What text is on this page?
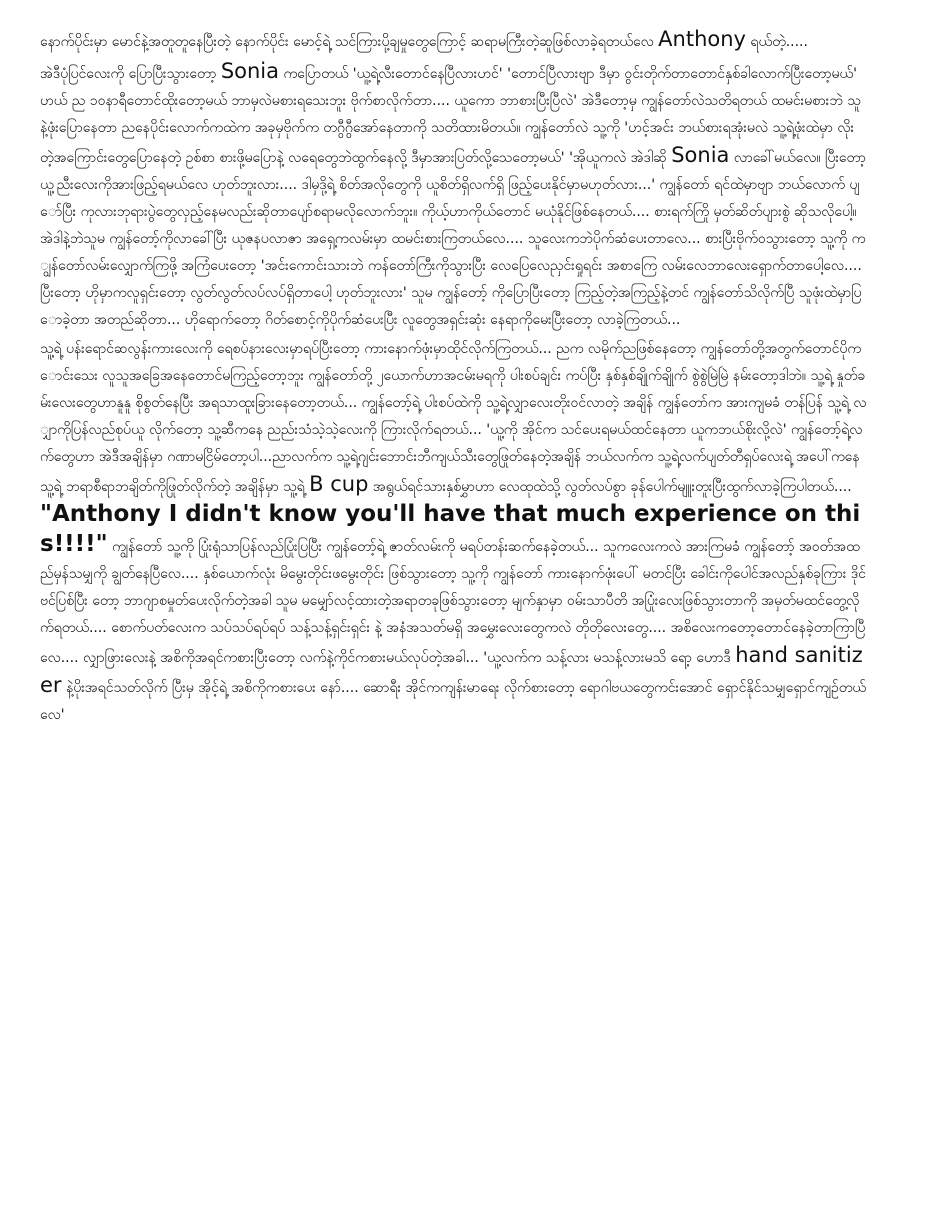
နောက်ပိုင်းမှာ မောင်နဲ့အတူတူနေပြီးတဲ့ နောက်ပိုင်း မောင့်ရဲ့ သင်ကြားပို့ချမှုတွေကြောင့် ဆရာမကြီးတဲ့ဆူဖြစ်လာခဲ့ရတယ်လေ Anthony ရယ်တဲ့.....

အဲဒီပုံပြင်လေးကို ပြောပြီးသွားတော့ Sonia ကပြောတယ် 'ယူ့ရဲ့လီးတောင်နေပြီလားဟင်' 'တောင်ပြီလားဗျာ ဒီမှာ ဝွင်းတိုက်တာတောင်နှစ်ခါလောက်ပြီးတော့မယ်' ဟယ် ည ၁၀နာရီတောင်ထိုးတော့မယ် ဘာမှလဲမစားရသေးဘူး ဗိုက်စာလိုက်တာ.... ယူကော ဘာစားပြီးပြီလဲ' အဲဒီတော့မှ ကျွန်တော်လဲသတိရတယ် ထမင်းမစားဘဲ သူနဲ့ဖုံးပြောနေတာ ညနေပိုင်းလောက်ကထဲက အခုမှဗိုက်က တဂွီဂွီအော်နေတာကို သတိထားမိတယ်။ ကျွန်တော်လဲ သူ့ကို 'ဟင့်အင်း ဘယ်စားရအုံးမလဲ သူ့ရဲ့ဖုံးထဲမှာ လိုးတဲ့အကြောင်းတွေပြောနေတဲ့ ဥစ်စာ စားဖို့မပြောနဲ့ လရေတွေဘဲထွက်နေလို့ ဒီမှာအားပြတ်လို့သေတော့မယ်' 'အိုယူကလဲ အဲဒါဆို Sonia လာခေါ်မယ်လေ။ ပြီးတော့ ယူ့ညီးလေးကိုအားဖြည့်ရမယ်လေ ဟုတ်ဘူးလား.... ဒါမှဒို့ရဲ့ စိတ်အလိုတွေကို ယူစိတ်ရှိလက်ရှိ ဖြည့်ပေးနိုင်မှာမဟုတ်လား...' ကျွန်တော် ရင်ထဲမှာဗျာ ဘယ်လောက် ပျော်ပြီး ကုလားဘုရားပွဲတွေလှည့်နေမလည်းဆိုတာပျော်စရာမလိုလောက်ဘူး။ ကိုယ့်ဟာကိုယ်တောင် မယုံနိုင်ဖြစ်နေတယ်.... စားရက်ကြို မှတ်ဆိတ်ပျားစွဲ ဆိုသလိုပေါ့။ အဲဒါနဲ့ဘဲသူမ ကျွန်တော့်ကိုလာခေါ်ပြီး ယုဇနပလာဇာ အရှေ့ကလမ်းမှာ ထမင်းစားကြတယ်လေ.... သူလေးကဘဲပိုက်ဆံပေးတာလေ... စားပြီးဗိုက်ဝသွားတော့ သူ့ကို ကျွန်တော်လမ်းလျှောက်ကြဖို့ အကြံပေးတော့ 'အင်းကောင်းသားဘဲ ကန်တော်ကြီးကိုသွားပြီး လေပြေလေညှင်းရှုရင်း အစာကြေ လမ်းလေဘာလေးရှောက်တာပေါ့လေ.... ပြီးတော့ ဟိုမှာကလူရှင်းတော့ လွတ်လွတ်လပ်လပ်ရှိတာပေါ့ ဟုတ်ဘူးလား' သူမ ကျွန်တော့် ကိုပြောပြီးတော့ ကြည့်တဲ့အကြည့်နဲ့တင် ကျွန်တော်သိလိုက်ပြီ သူဖုံးထဲမှာပြောခဲ့တာ အတည်ဆိုတာ... ဟိုရောက်တော့ ဂိတ်စောင့်ကိုပိုက်ဆံပေးပြီး လူတွေအရှင်းဆုံး နေရာကိုမေးပြီးတော့ လာခဲ့ကြတယ်...

သူ့ရဲ့ ပန်းရောင်ဆလွန်းကားလေးကို ရေစပ်နားလေးမှာရပ်ပြီးတော့ ကားနောက်ဖုံးမှာထိုင်လိုက်ကြတယ်... ညက လမိုက်ညဖြစ်နေတော့ ကျွန်တော်တို့အတွက်တောင်ပိုကောင်းသေး လူသူအခြေအနေတောင်မကြည့်တော့ဘူး ကျွန်တော်တို့ ၂ယောက်ဟာအငမ်းမရကို ပါးစပ်ချင်း ကပ်ပြီး နှစ်နှစ်ချိုက်ချိုက် စွဲစွဲမြဲမြဲ နမ်းတော့ဒါဘဲ။ သူ့ရဲ့ နှုတ်ခမ်းလေးတွေဟာနူနူ စိုစွတ်နေပြီး အရသာထူးခြားနေတော့တယ်... ကျွန်တော့်ရဲ့ ပါးစပ်ထဲကို သူ့ရဲ့လျှာလေးတိုးဝင်လာတဲ့ အချိန် ကျွန်တော်က အားကျမခံ တန်ပြန် သူ့ရဲ့ လျှာကိုပြန်လည်စုပ်ယူ လိုက်တော့ သူ့ဆီကနေ ညည်းသံသဲ့သဲ့လေးကို ကြားလိုက်ရတယ်... 'ယူ့ကို အိုင်က သင်ပေးရမယ်ထင်နေတာ ယူကဘယ်စိုးလို့လဲ' ကျွန်တော့်ရဲ့လက်တွေဟာ အဲဒီအချိန်မှာ ဂဏာမငြိမ်တော့ပါ...ညာလက်က သူ့ရဲ့ဂျင်းဘောင်းဘီကျယ်သီးတွေဖြုတ်နေတဲ့အချိန် ဘယ်လက်က သူ့ရဲ့လက်ပျတ်တီရှပ်လေးရဲ့ အပေါ်ကနေသူ့ရဲ့ ဘရာစီရာဘချိတ်ကိုဖြုတ်လိုက်တဲ့ အချိန်မှာ သူ့ရဲ့ B cup အရွယ်ရင်သားနှစ်မွှာဟာ လေထုထဲသို့ လွတ်လပ်စွာ ခုန်ပေါက်မျူးတူးပြီးထွက်လာခဲ့ကြပါတယ်.... "Anthony I didn't know you'll have that much experience on this!!!!" ကျွန်တော် သူ့ကို ပြုံးရုံသာပြန်လည်ပြုံးပြပြီး ကျွန်တော့်ရဲ့ ဇာတ်လမ်းကို မရပ်တန်းဆက်နေခဲ့တယ်... သူကလေးကလဲ အားကြမခံ ကျွန်တော့် အဝတ်အထည်မှန်သမျှကို ချွတ်နေပြီလေ.... နှစ်ယောက်လုံး မိမွေးတိုင်းဖမွေးတိုင်း ဖြစ်သွားတော့ သူ့ကို ကျွန်တော် ကားနောက်ဖုံးပေါ် မတင်ပြီး ခေါင်းကိုပေါင်အလည်နှစ်ခုကြား ဒိုင်ဗင်ပြစ်ပြီး တော့ ဘာဂျာစမှုတ်ပေးလိုက်တဲ့အခါ သူမ မမျှော်လင့်ထားတဲ့အရာတခုဖြစ်သွားတော့ မျက်နှာမှာ ဝမ်းသာပီတိ အပြုံးလေးဖြစ်သွားတာကို အမှတ်မထင်တွေ့လိုက်ရတယ်.... စောက်ပတ်လေးက သပ်သပ်ရပ်ရပ် သန့်သန့်ရှင်းရှင်း နဲ့ အနံအသတ်မရှိ အမွှေးလေးတွေကလဲ တိုတိုလေးတွေ.... အစိလေးကတော့တောင်နေခဲ့တာကြာပြီလေ.... လျှာဖြားလေးနဲ့ အစိကိုအရင်ကစားပြီးတော့ လက်နဲ့ကိုင်ကစားမယ်လုပ်တဲ့အခါ... 'ယူ့လက်က သန့်လား မသန့်လားမသိ ရော့ ဟောဒီ hand sanitizer နဲ့ပိုးအရင်သတ်လိုက် ပြီးမှ အိုင့်ရဲ့ အစိကိုကစားပေး နော်.... ဆောရီး အိုင်ကကျန်းမာရေး လိုက်စားတော့ ရောဂါဗယတွေကင်းအောင် ရှောင်နိုင်သမျှရှောင်ကျဉ်တယ်လေ'
